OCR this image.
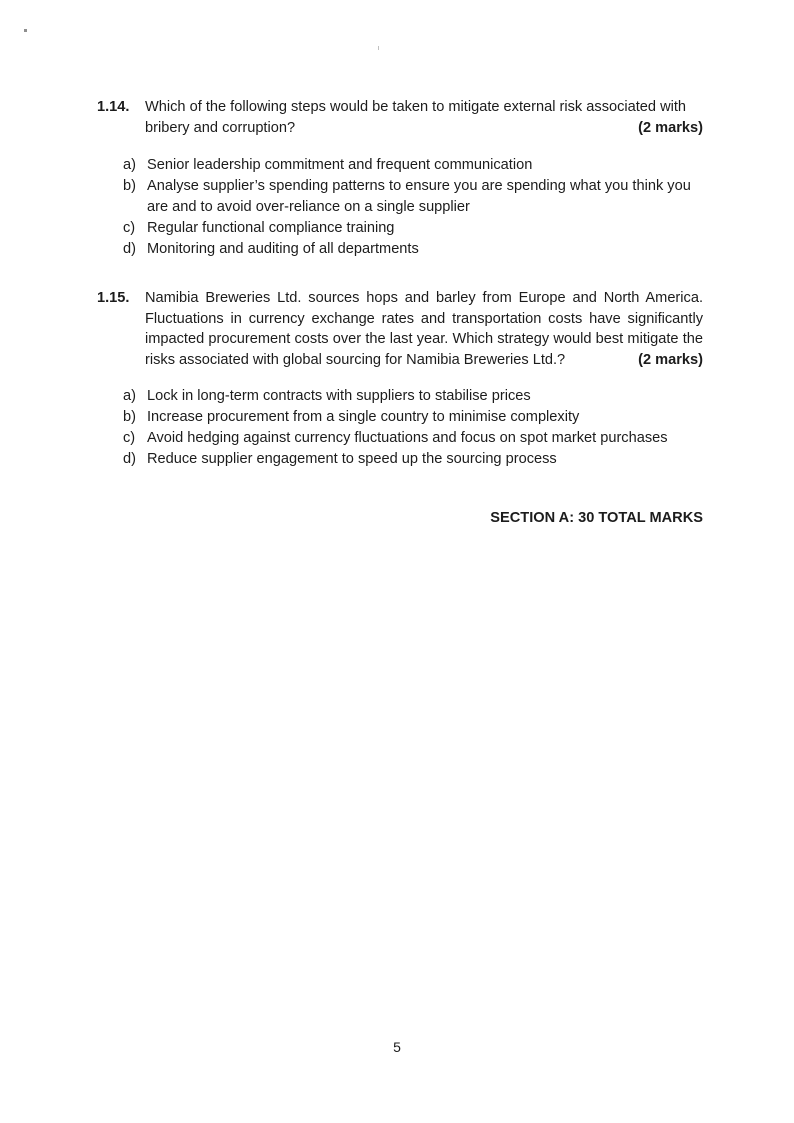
1.14.	Which of the following steps would be taken to mitigate external risk associated with bribery and corruption?	(2 marks)
a) Senior leadership commitment and frequent communication
b) Analyse supplier’s spending patterns to ensure you are spending what you think you are and to avoid over-reliance on a single supplier
c) Regular functional compliance training
d) Monitoring and auditing of all departments
1.15.	Namibia Breweries Ltd. sources hops and barley from Europe and North America. Fluctuations in currency exchange rates and transportation costs have significantly impacted procurement costs over the last year. Which strategy would best mitigate the risks associated with global sourcing for Namibia Breweries Ltd.?	(2 marks)
a) Lock in long-term contracts with suppliers to stabilise prices
b) Increase procurement from a single country to minimise complexity
c) Avoid hedging against currency fluctuations and focus on spot market purchases
d) Reduce supplier engagement to speed up the sourcing process
SECTION A: 30 TOTAL MARKS
5
